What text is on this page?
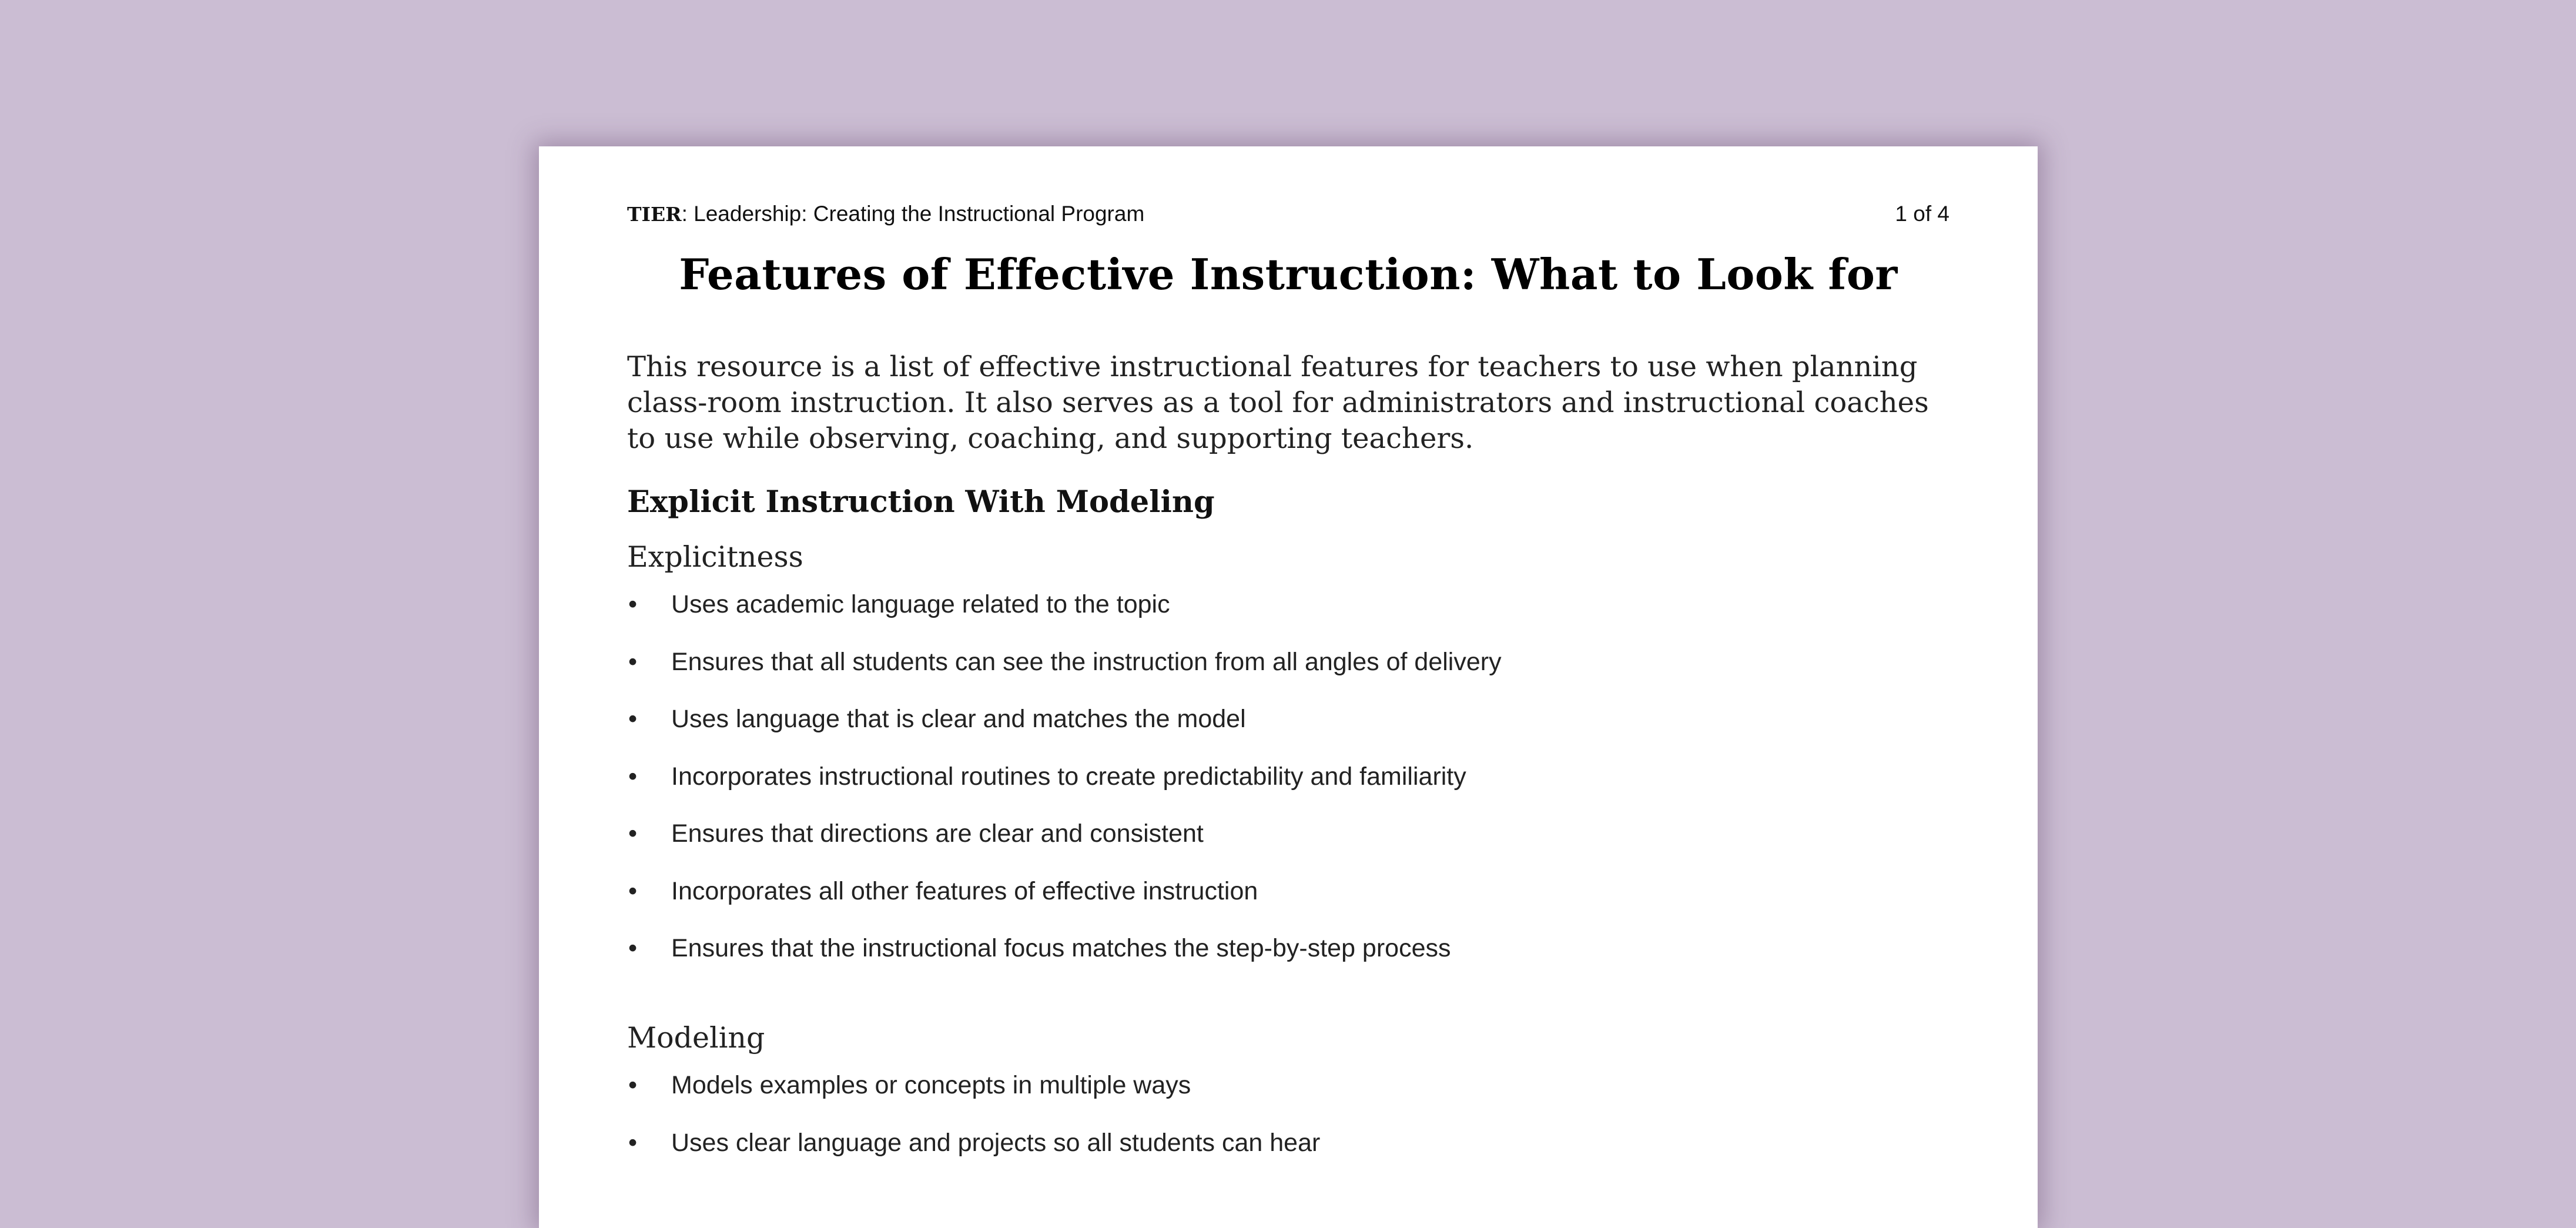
TIER: Leadership: Creating the Instructional Program	1 of 4
Features of Effective Instruction: What to Look for
This resource is a list of effective instructional features for teachers to use when planning class-room instruction. It also serves as a tool for administrators and instructional coaches to use while observing, coaching, and supporting teachers.
Explicit Instruction With Modeling
Explicitness
• Uses academic language related to the topic
• Ensures that all students can see the instruction from all angles of delivery
• Uses language that is clear and matches the model
• Incorporates instructional routines to create predictability and familiarity
• Ensures that directions are clear and consistent
• Incorporates all other features of effective instruction
• Ensures that the instructional focus matches the step-by-step process
Modeling
• Models examples or concepts in multiple ways
• Uses clear language and projects so all students can hear
